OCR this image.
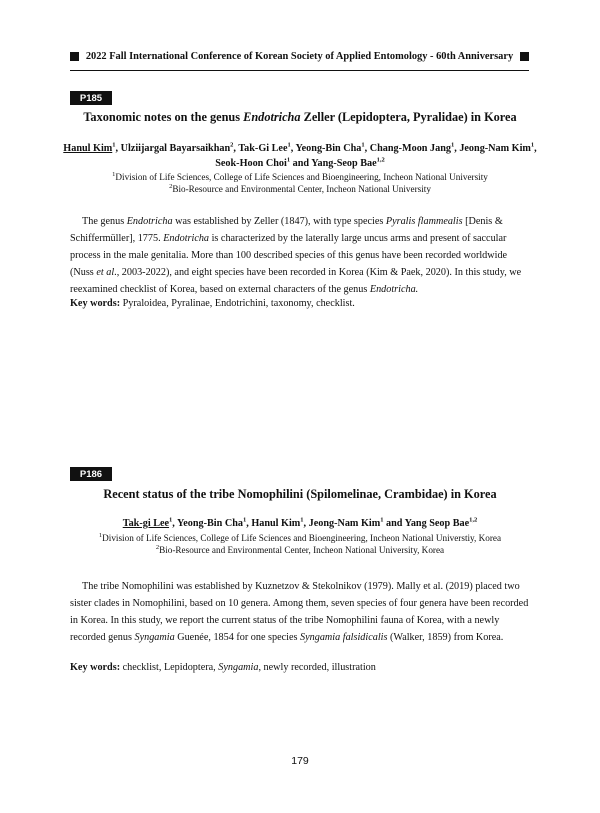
2022 Fall International Conference of Korean Society of Applied Entomology - 60th Anniversary
P185
Taxonomic notes on the genus Endotricha Zeller (Lepidoptera, Pyralidae) in Korea

Hanul Kim$^1$, Ulziijargal Bayarsaikhan$^2$, Tak-Gi Lee$^1$, Yeong-Bin Cha$^1$, Chang-Moon Jang$^1$, Jeong-Nam Kim$^1$,
Seok-Hoon Choi$^1$ and Yang-Seop Bae$^{1,2}$

$^1$Division of Life Sciences, College of Life Sciences and Bioengineering, Incheon National University
$^2$Bio-Resource and Environmental Center, Incheon National University

The genus Endotricha was established by Zeller (1847), with type species Pyralis flammealis [Denis & Schiffermüller], 1775. Endotricha is characterized by the laterally large uncus arms and present of saccular process in the male genitalia. More than 100 described species of this genus have been recorded worldwide (Nuss et al., 2003-2022), and eight species have been recorded in Korea (Kim & Paek, 2020). In this study, we reexamined checklist of Korea, based on external characters of the genus Endotricha.

Key words: Pyraloidea, Pyralinae, Endotrichini, taxonomy, checklist.

P186
Recent status of the tribe Nomophilini (Spilomelinae, Crambidae) in Korea

Tak-gi Lee$^1$, Yeong-Bin Cha$^1$, Hanul Kim$^1$, Jeong-Nam Kim$^1$ and Yang Seop Bae$^{1,2}$

$^1$Division of Life Sciences, College of Life Sciences and Bioengineering, Incheon National Universtiy, Korea
$^2$Bio-Resource and Environmental Center, Incheon National University, Korea

The tribe Nomophilini was established by Kuznetzov & Stekolnikov (1979). Mally et al. (2019) placed two sister clades in Nomophilini, based on 10 genera. Among them, seven species of four genera have been recorded in Korea. In this study, we report the current status of the tribe Nomophilini fauna of Korea, with a newly recorded genus Syngamia Guenée, 1854 for one species Syngamia falsidicalis (Walker, 1859) from Korea.

Key words: checklist, Lepidoptera, Syngamia, newly recorded, illustration

179
